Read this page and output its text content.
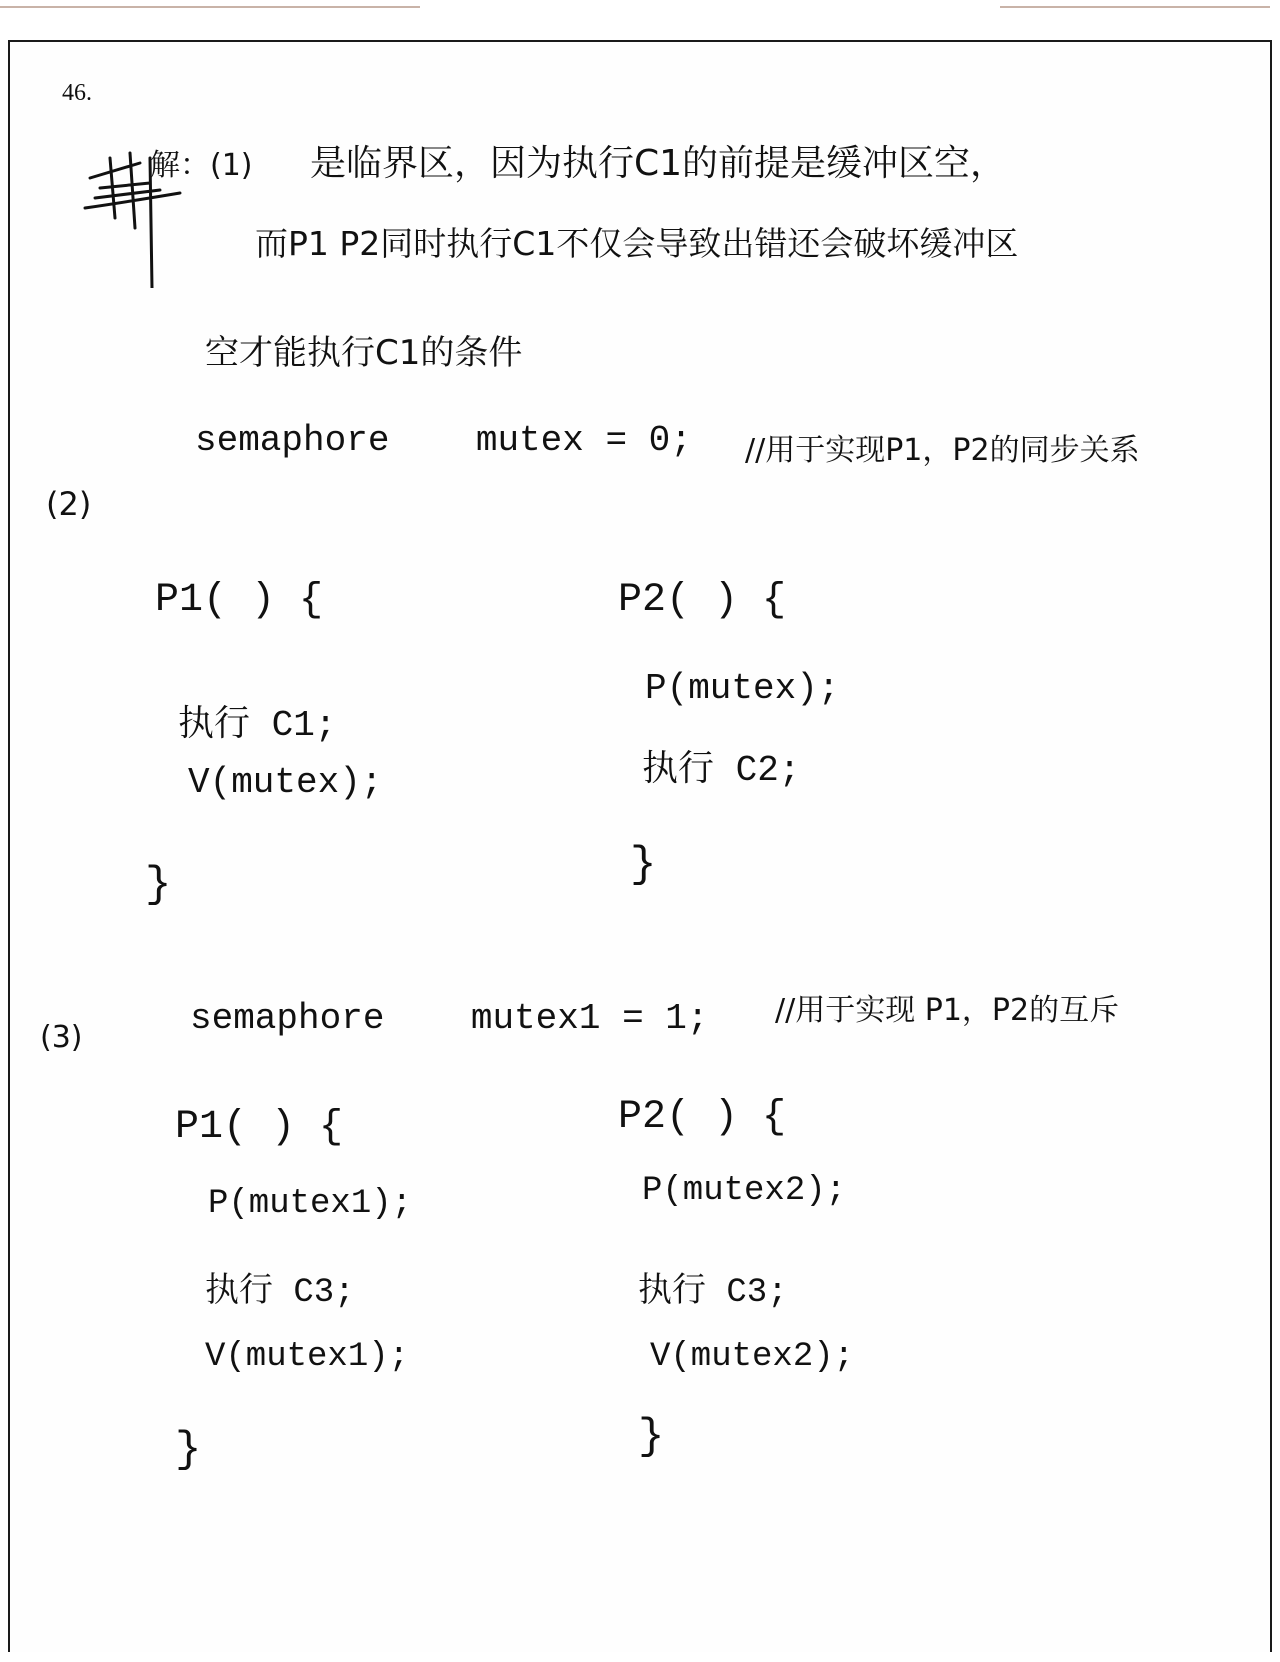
46.
解：(1) 是临界区，因为执行C1的前提是缓冲区空，
而P1 P2同时执行C1不仅会导致出错还会破坏缓冲区
空才能执行C1的条件
semaphore    mutex = 0; //用于实现P1，P2的同步关系
(2)
P1( ) {
执行 C1;
V(mutex);
}
P2( ) {
P(mutex);
执行 C2;
}
(3)	semaphore    mutex1 = 1; //用于实现 P1，P2的互斥
P1( ) {
P(mutex1);
执行 C3;
V(mutex1);
}
P2( ) {
P(mutex2);
执行 C3;
V(mutex2);
}
